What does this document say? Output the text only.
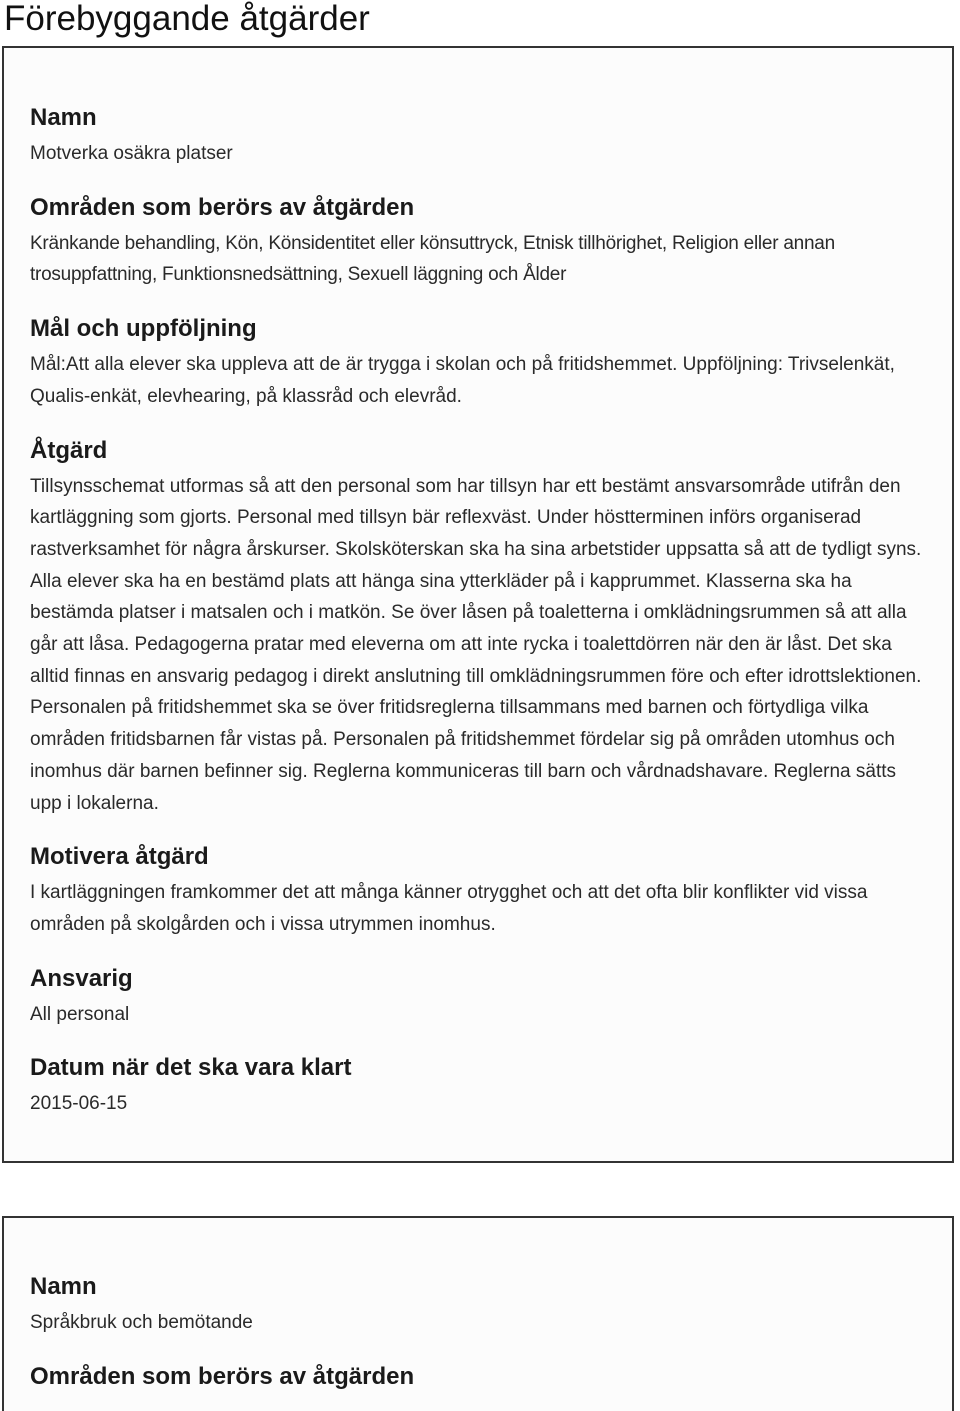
Förebyggande åtgärder
Namn

Motverka osäkra platser

Områden som berörs av åtgärden

Kränkande behandling, Kön, Könsidentitet eller könsuttryck, Etnisk tillhörighet, Religion eller annan trosuppfattning, Funktionsnedsättning, Sexuell läggning och Ålder

Mål och uppföljning

Mål:Att alla elever ska uppleva att de är trygga i skolan och på fritidshemmet. Uppföljning: Trivselenkät, Qualis-enkät, elevhearing, på klassråd och elevråd.

Åtgärd

Tillsynsschemat utformas så att den personal som har tillsyn har ett bestämt ansvarsområde utifrån den kartläggning som gjorts. Personal med tillsyn bär reflexväst. Under höstterminen införs organiserad rastverksamhet för några årskurser. Skolsköterskan ska ha sina arbetstider uppsatta så att de tydligt syns. Alla elever ska ha en bestämd plats att hänga sina ytterkläder på i kapprummet. Klasserna ska ha bestämda platser i matsalen och i matkön. Se över låsen på toaletterna i omklädningsrummen så att alla går att låsa. Pedagogerna pratar med eleverna om att inte rycka i toalettdörren när den är låst. Det ska alltid finnas en ansvarig pedagog i direkt anslutning till omklädningsrummen före och efter idrottslektionen. Personalen på fritidshemmet ska se över fritidsreglerna tillsammans med barnen och förtydliga vilka områden fritidsbarnen får vistas på. Personalen på fritidshemmet fördelar sig på områden utomhus och inomhus där barnen befinner sig. Reglerna kommuniceras till barn och vårdnadshavare. Reglerna sätts upp i lokalerna.

Motivera åtgärd

I kartläggningen framkommer det att många känner otrygghet och att det ofta blir konflikter vid vissa områden på skolgården och i vissa utrymmen inomhus.

Ansvarig

All personal

Datum när det ska vara klart

2015-06-15

Namn

Språkbruk och bemötande

Områden som berörs av åtgärden
